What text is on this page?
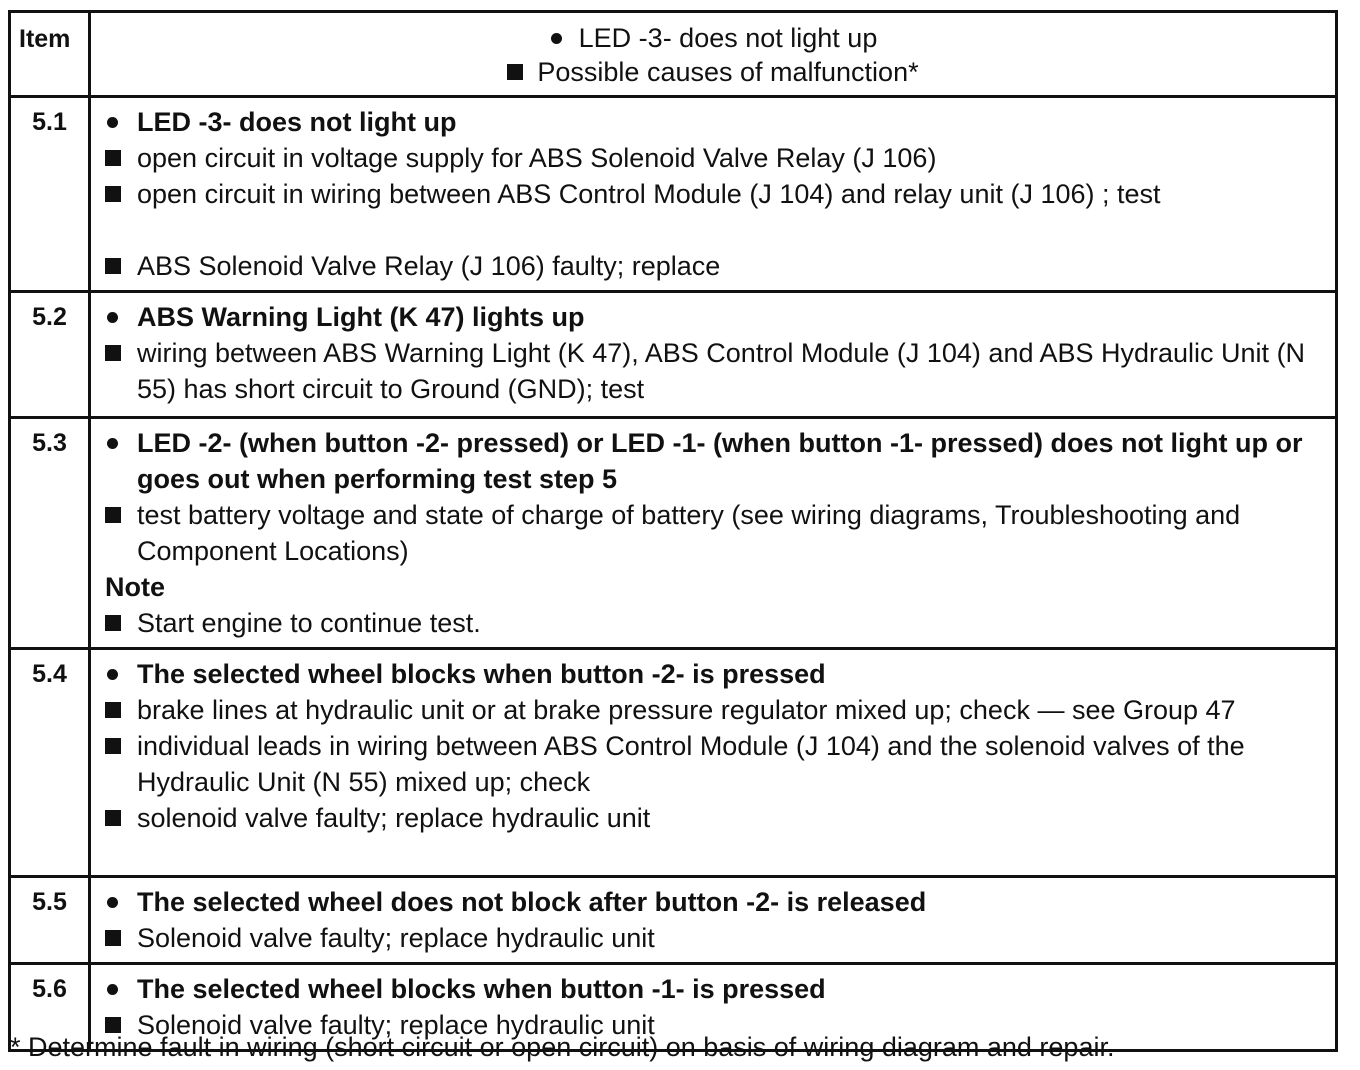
Item	LED -3- does not light up
Possible causes of malfunction*

5.1	LED -3- does not light up
open circuit in voltage supply for ABS Solenoid Valve Relay (J 106)
open circuit in wiring between ABS Control Module (J 104) and relay unit (J 106) ; test
ABS Solenoid Valve Relay (J 106) faulty; replace

5.2	ABS Warning Light (K 47) lights up
wiring between ABS Warning Light (K 47), ABS Control Module (J 104) and ABS Hydraulic Unit (N 55) has short circuit to Ground (GND); test

5.3	LED -2- (when button -2- pressed) or LED -1- (when button -1- pressed) does not light up or goes out when performing test step 5
test battery voltage and state of charge of battery (see wiring diagrams, Troubleshooting and Component Locations)
Note
Start engine to continue test.

5.4	The selected wheel blocks when button -2- is pressed
brake lines at hydraulic unit or at brake pressure regulator mixed up; check — see Group 47
individual leads in wiring between ABS Control Module (J 104) and the solenoid valves of the Hydraulic Unit (N 55) mixed up; check
solenoid valve faulty; replace hydraulic unit

5.5	The selected wheel does not block after button -2- is released
Solenoid valve faulty; replace hydraulic unit

5.6	The selected wheel blocks when button -1- is pressed
Solenoid valve faulty; replace hydraulic unit
* Determine fault in wiring (short circuit or open circuit) on basis of wiring diagram and repair.
